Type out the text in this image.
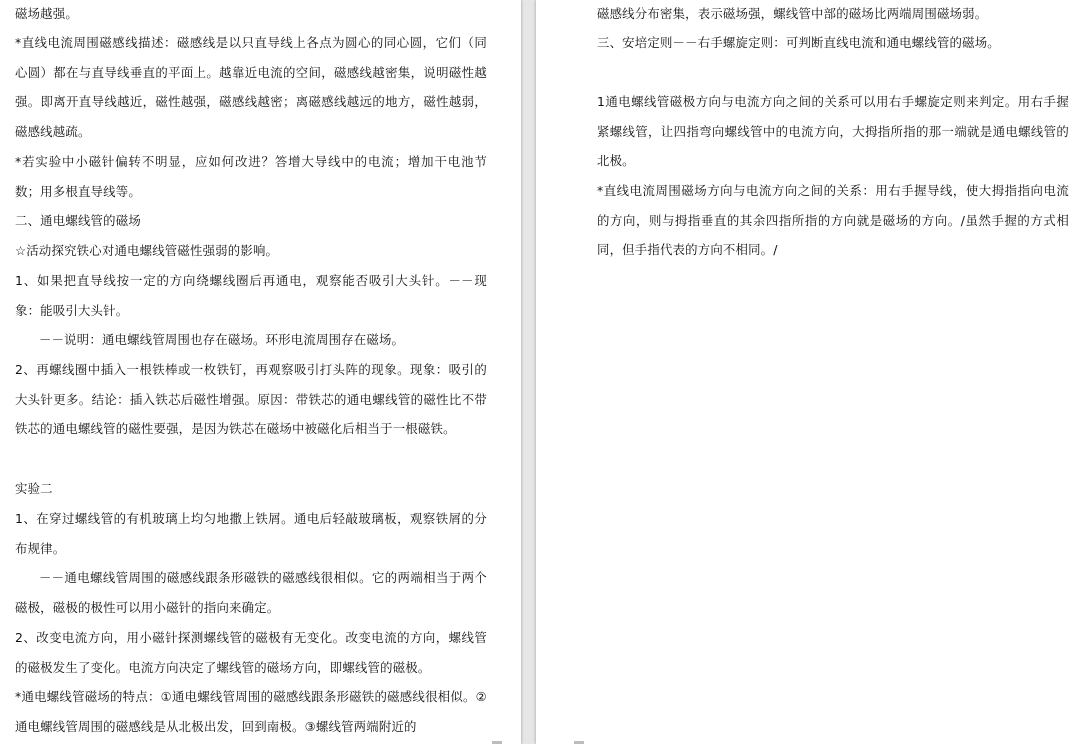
磁场越强。

*直线电流周围磁感线描述：磁感线是以只直导线上各点为圆心的同心圆，它们（同心圆）都在与直导线垂直的平面上。越靠近电流的空间，磁感线越密集，说明磁性越强。即离开直导线越近，磁性越强，磁感线越密；离磁感线越远的地方，磁性越弱，磁感线越疏。

*若实验中小磁针偏转不明显，应如何改进？答增大导线中的电流；增加干电池节数；用多根直导线等。

二、通电螺线管的磁场

☆活动探究铁心对通电螺线管磁性强弱的影响。

1、如果把直导线按一定的方向绕螺线圈后再通电，观察能否吸引大头针。－－现象：能吸引大头针。

－－说明：通电螺线管周围也存在磁场。环形电流周围存在磁场。

2、再螺线圈中插入一根铁棒或一枚铁钉，再观察吸引打头阵的现象。现象：吸引的大头针更多。结论：插入铁芯后磁性增强。原因：带铁芯的通电螺线管的磁性比不带铁芯的通电螺线管的磁性要强，是因为铁芯在磁场中被磁化后相当于一根磁铁。

实验二

1、在穿过螺线管的有机玻璃上均匀地撒上铁屑。通电后轻敲玻璃板，观察铁屑的分布规律。

－－通电螺线管周围的磁感线跟条形磁铁的磁感线很相似。它的两端相当于两个磁极，磁极的极性可以用小磁针的指向来确定。

2、改变电流方向，用小磁针探测螺线管的磁极有无变化。改变电流的方向，螺线管的磁极发生了变化。电流方向决定了螺线管的磁场方向，即螺线管的磁极。

*通电螺线管磁场的特点：①通电螺线管周围的磁感线跟条形磁铁的磁感线很相似。②通电螺线管周围的磁感线是从北极出发，回到南极。③螺线管两端附近的

磁感线分布密集，表示磁场强，螺线管中部的磁场比两端周围磁场弱。

三、安培定则－－右手螺旋定则：可判断直线电流和通电螺线管的磁场。

1通电螺线管磁极方向与电流方向之间的关系可以用右手螺旋定则来判定。用右手握紧螺线管，让四指弯向螺线管中的电流方向，大拇指所指的那一端就是通电螺线管的北极。

*直线电流周围磁场方向与电流方向之间的关系：用右手握导线，使大拇指指向电流的方向，则与拇指垂直的其余四指所指的方向就是磁场的方向。/虽然手握的方式相同，但手指代表的方向不相同。/
